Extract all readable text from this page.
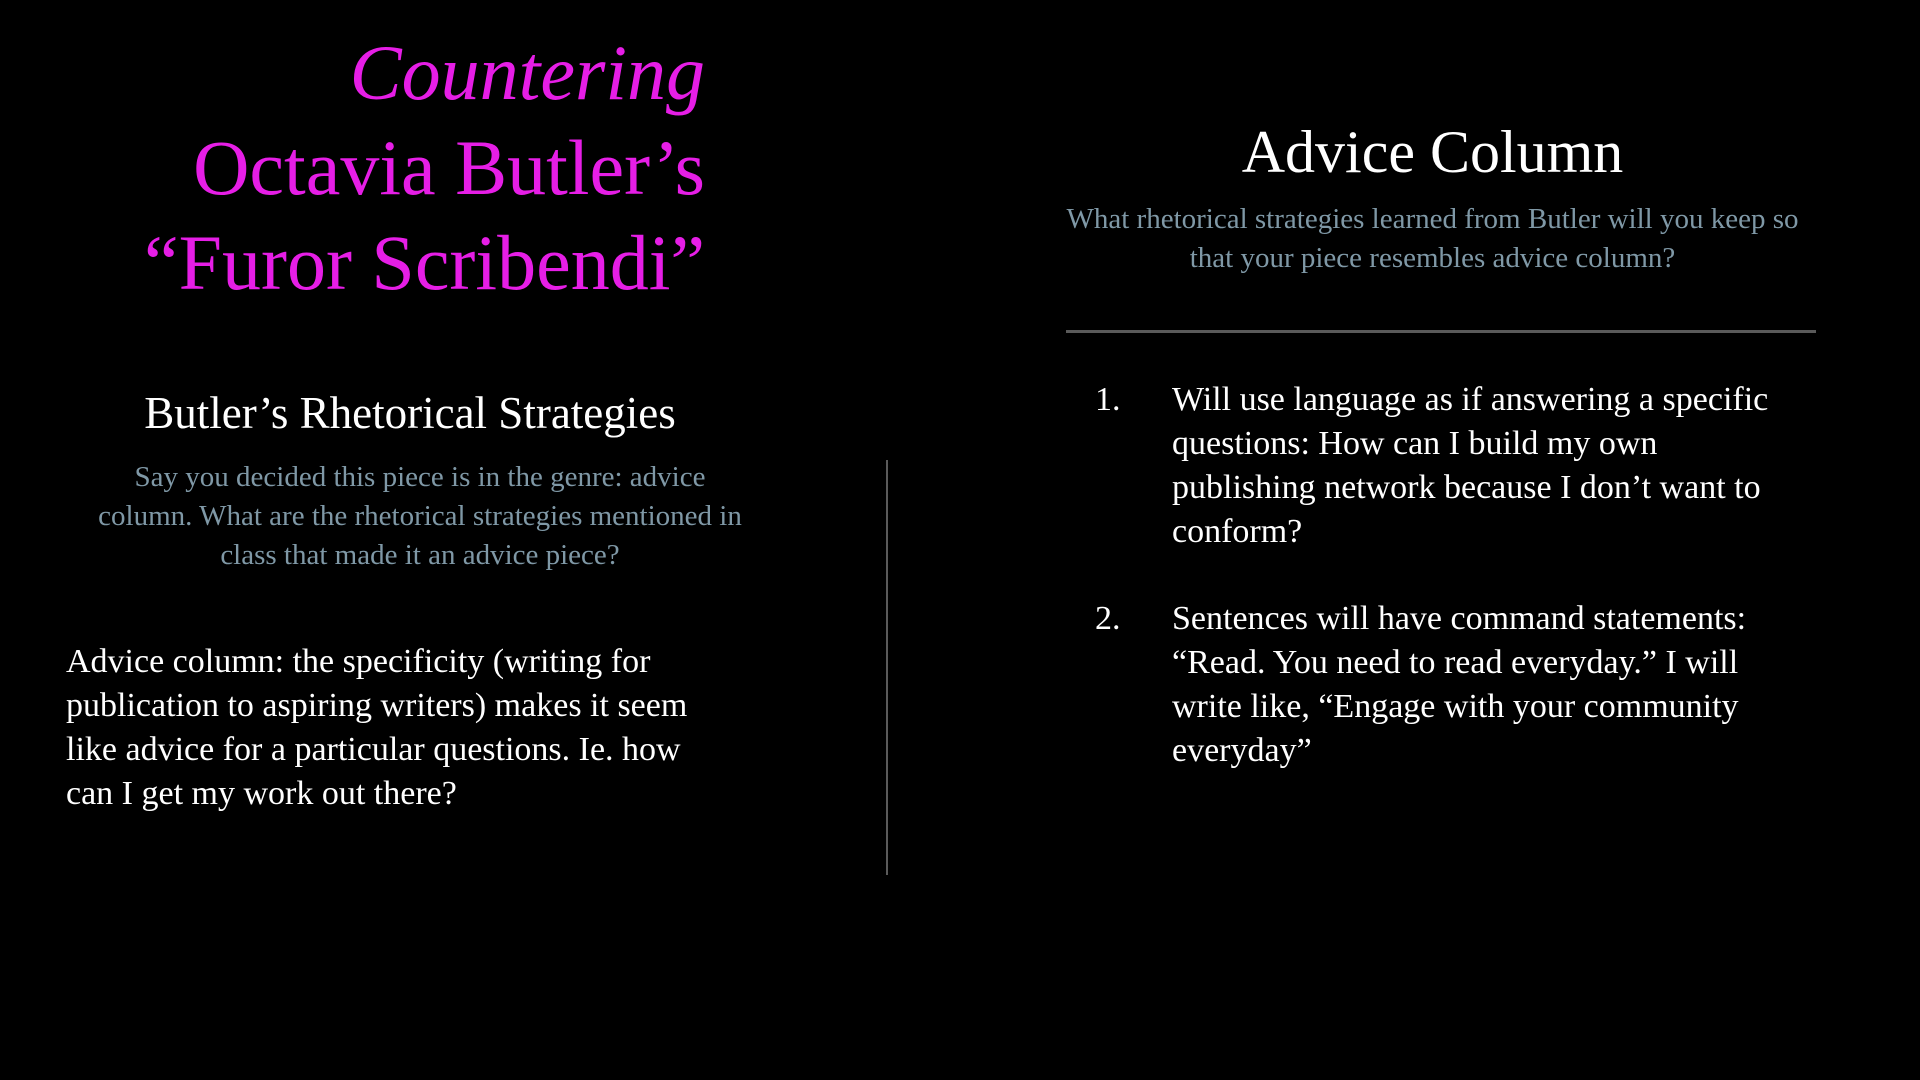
Countering
Octavia Butler’s
“Furor Scribendi”
Butler’s Rhetorical Strategies
Say you decided this piece is in the genre: advice column. What are the rhetorical strategies mentioned in class that made it an advice piece?
Advice column: the specificity (writing for publication to aspiring writers) makes it seem like advice for a particular questions. Ie. how can I get my work out there?
Advice Column
What rhetorical strategies learned from Butler will you keep so that your piece resembles advice column?
1. Will use language as if answering a specific questions: How can I build my own publishing network because I don’t want to conform?
2. Sentences will have command statements: “Read. You need to read everyday.” I will write like, “Engage with your community everyday”
